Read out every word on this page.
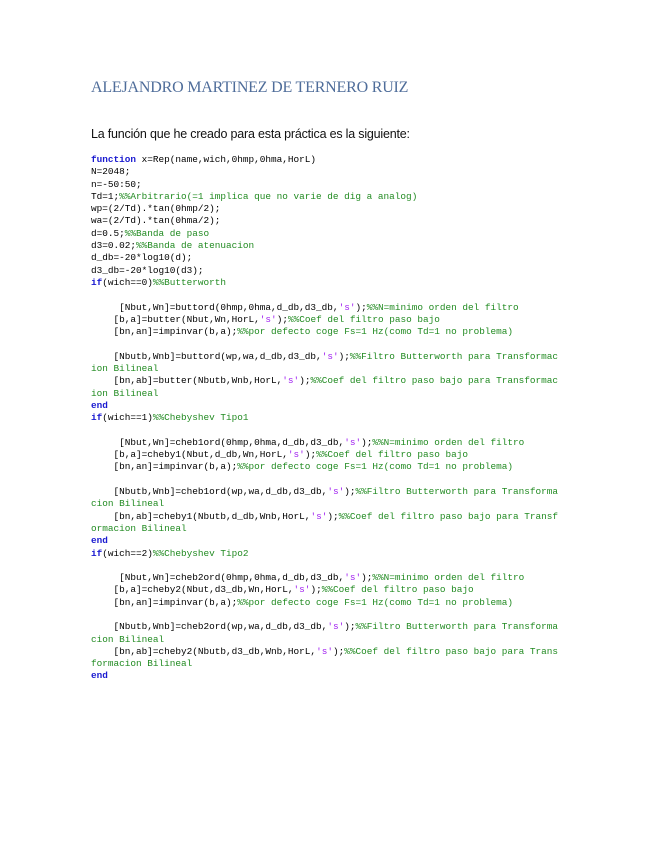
ALEJANDRO MARTINEZ DE TERNERO RUIZ
La función que he creado para esta práctica es la siguiente:
function x=Rep(name,wich,0hmp,0hma,HorL)
N=2048;
n=-50:50;
Td=1;%%Arbitrario(=1 implica que no varie de dig a analog)
wp=(2/Td).*tan(0hmp/2);
wa=(2/Td).*tan(0hma/2);
d=0.5;%%Banda de paso
d3=0.02;%%Banda de atenuacion
d_db=-20*log10(d);
d3_db=-20*log10(d3);
if(wich==0)%%Butterworth
[Nbut,Wn]=buttord(0hmp,0hma,d_db,d3_db,'s');%%N=minimo orden del filtro
[b,a]=butter(Nbut,Wn,HorL,'s');%%Coef del filtro paso bajo
[bn,an]=impinvar(b,a);%%por defecto coge Fs=1 Hz(como Td=1 no problema)
[Nbutb,Wnb]=buttord(wp,wa,d_db,d3_db,'s');%%Filtro Butterworth para Transformacion Bilineal
[bn,ab]=butter(Nbutb,Wnb,HorL,'s');%%Coef del filtro paso bajo para Transformacion Bilineal
end
if(wich==1)%%Chebyshev Tipo1
[Nbut,Wn]=cheb1ord(0hmp,0hma,d_db,d3_db,'s');%%N=minimo orden del filtro
[b,a]=cheby1(Nbut,d_db,Wn,HorL,'s');%%Coef del filtro paso bajo
[bn,an]=impinvar(b,a);%%por defecto coge Fs=1 Hz(como Td=1 no problema)
[Nbutb,Wnb]=cheb1ord(wp,wa,d_db,d3_db,'s');%%Filtro Butterworth para Transformacion Bilineal
[bn,ab]=cheby1(Nbutb,d_db,Wnb,HorL,'s');%%Coef del filtro paso bajo para Transformacion Bilineal
end
if(wich==2)%%Chebyshev Tipo2
[Nbut,Wn]=cheb2ord(0hmp,0hma,d_db,d3_db,'s');%%N=minimo orden del filtro
[b,a]=cheby2(Nbut,d3_db,Wn,HorL,'s');%%Coef del filtro paso bajo
[bn,an]=impinvar(b,a);%%por defecto coge Fs=1 Hz(como Td=1 no problema)
[Nbutb,Wnb]=cheb2ord(wp,wa,d_db,d3_db,'s');%%Filtro Butterworth para Transformacion Bilineal
[bn,ab]=cheby2(Nbutb,d3_db,Wnb,HorL,'s');%%Coef del filtro paso bajo para Transformacion Bilineal
end
